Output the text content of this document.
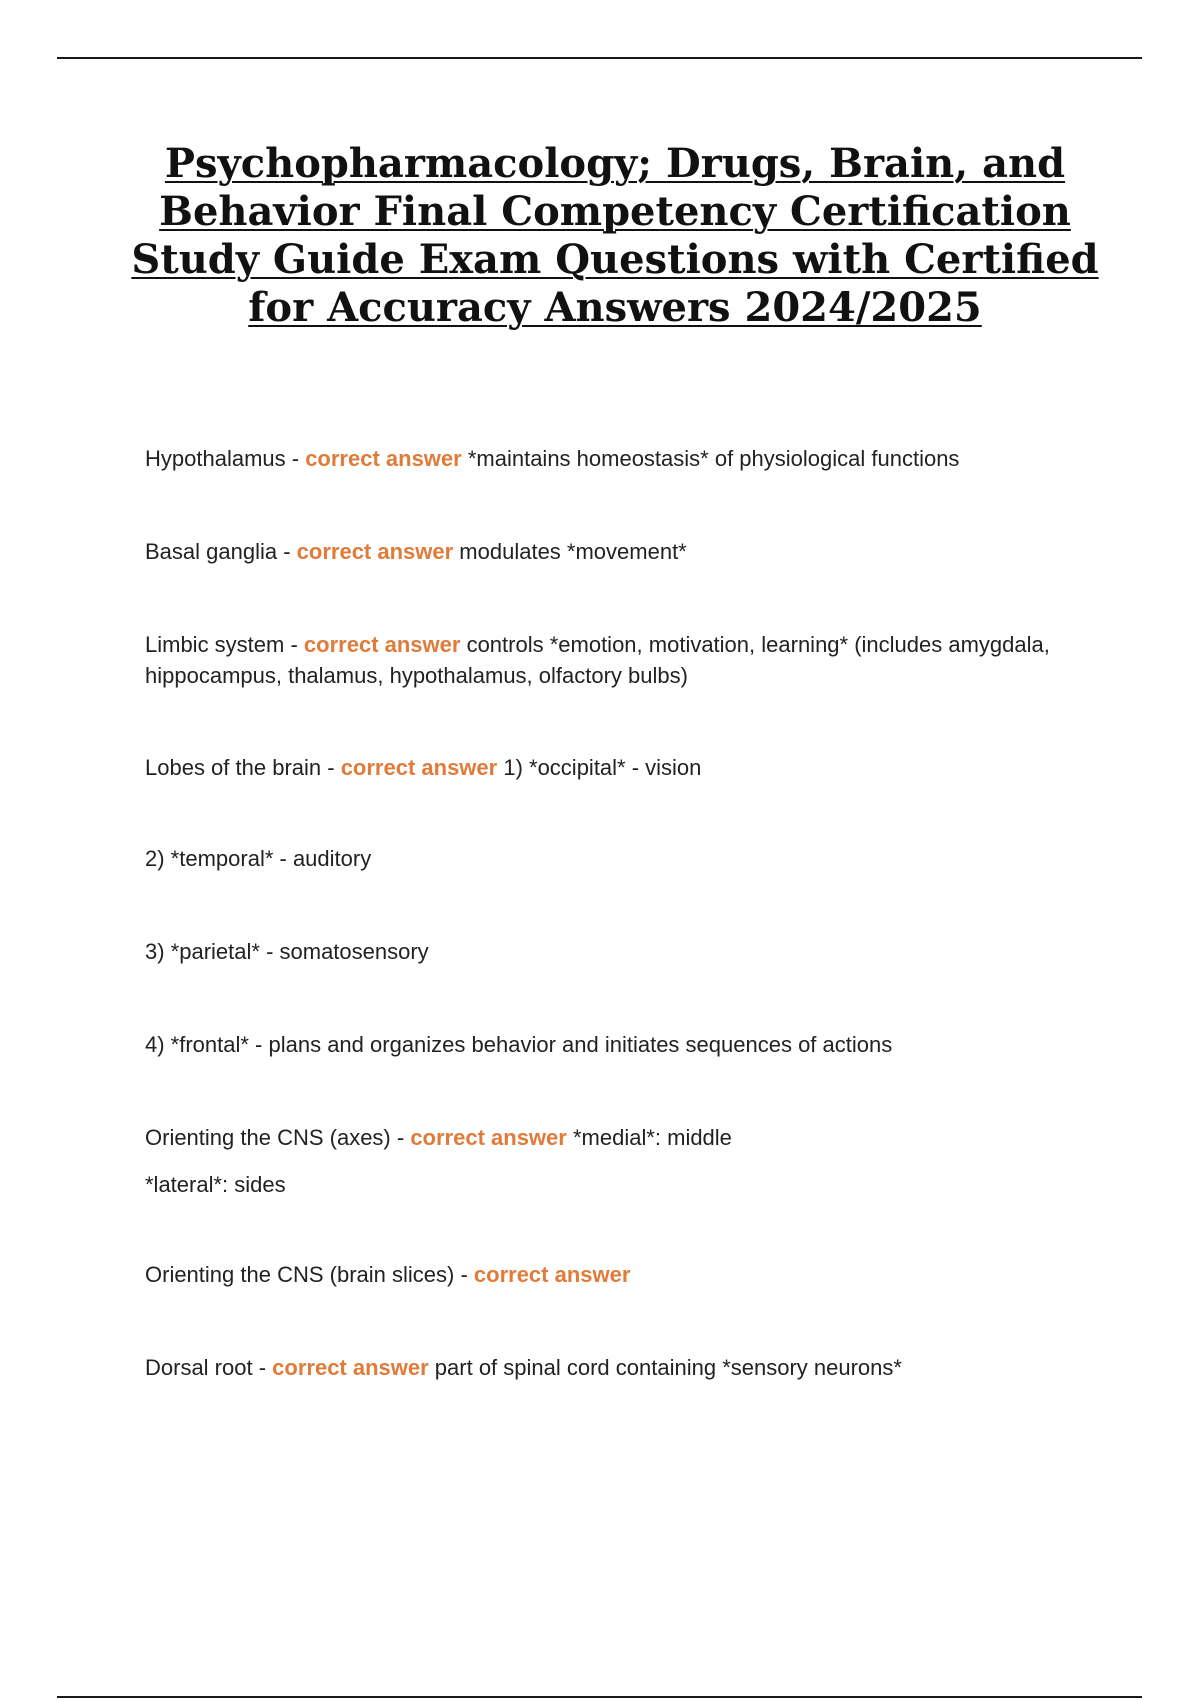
Psychopharmacology; Drugs, Brain, and Behavior Final Competency Certification Study Guide Exam Questions with Certified for Accuracy Answers 2024/2025

Hypothalamus - correct answer *maintains homeostasis* of physiological functions

Basal ganglia - correct answer modulates *movement*

Limbic system - correct answer controls *emotion, motivation, learning* (includes amygdala, hippocampus, thalamus, hypothalamus, olfactory bulbs)

Lobes of the brain - correct answer 1) *occipital* - vision

2) *temporal* - auditory

3) *parietal* - somatosensory

4) *frontal* - plans and organizes behavior and initiates sequences of actions

Orienting the CNS (axes) - correct answer *medial*: middle

*lateral*: sides

Orienting the CNS (brain slices) - correct answer

Dorsal root - correct answer part of spinal cord containing *sensory neurons*
